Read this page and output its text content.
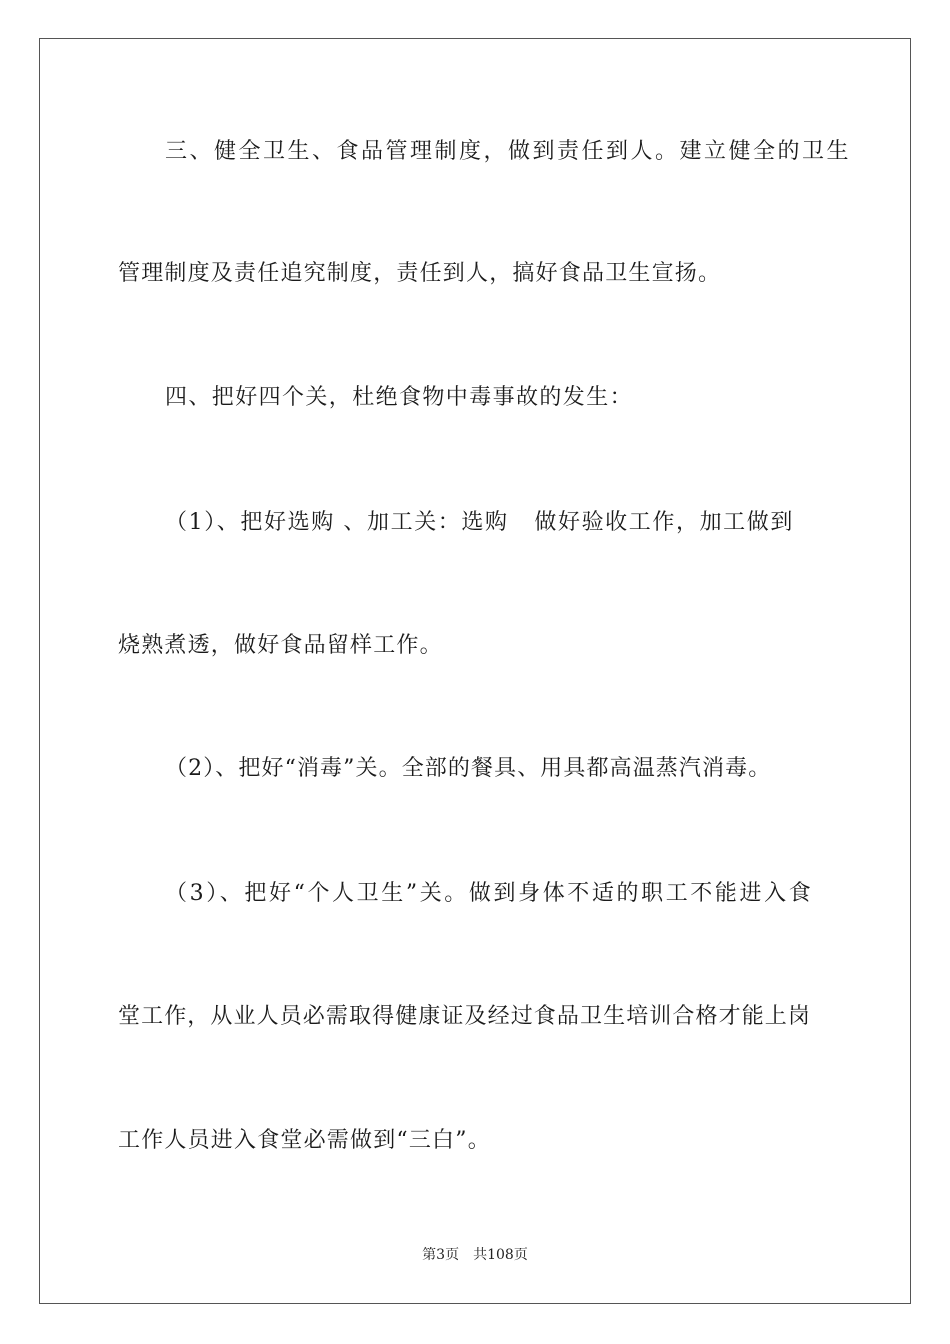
三、健全卫生、食品管理制度，做到责任到人。建立健全的卫生
管理制度及责任追究制度，责任到人，搞好食品卫生宣扬。
四、把好四个关，杜绝食物中毒事故的发生：
（1）、把好选购 、加工关：选购   做好验收工作，加工做到
烧熟煮透，做好食品留样工作。
（2）、把好“消毒”关。全部的餐具、用具都高温蒸汽消毒。
（3）、把好“个人卫生”关。做到身体不适的职工不能进入食
堂工作，从业人员必需取得健康证及经过食品卫生培训合格才能上岗
工作人员进入食堂必需做到“三白”。
第3页 共108页
